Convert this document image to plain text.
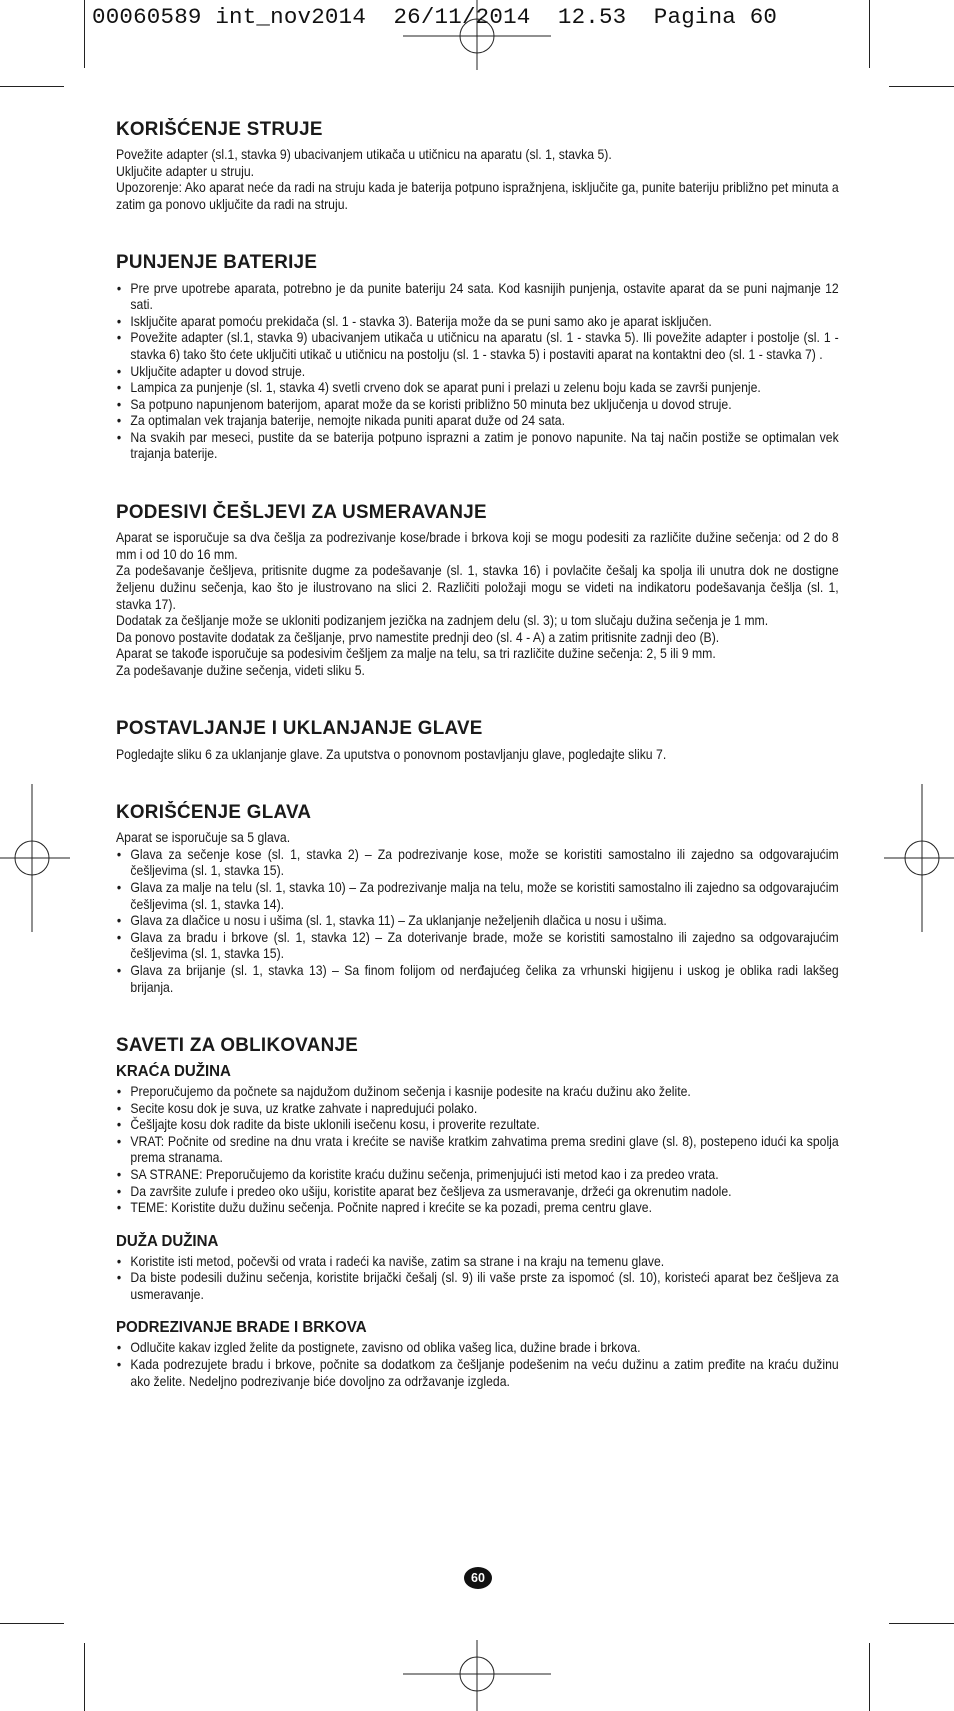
00060589 int_nov2014  26/11/2014  12.53  Pagina 60
KORIŠĆENJE STRUJE

Povežite adapter (sl.1, stavka 9) ubacivanjem utikača u utičnicu na aparatu (sl. 1, stavka 5).

Uključite adapter u struju.

Upozorenje: Ako aparat neće da radi na struju kada je baterija potpuno ispražnjena, isključite ga, punite bateriju približno pet minuta a zatim ga ponovo uključite da radi na struju.

PUNJENJE BATERIJE
• Pre prve upotrebe aparata, potrebno je da punite bateriju 24 sata. Kod kasnijih punjenja, ostavite aparat da se puni najmanje 12 sati.
• Isključite aparat pomoću prekidača (sl. 1 - stavka 3). Baterija može da se puni samo ako je aparat isključen.
• Povežite adapter (sl.1, stavka 9) ubacivanjem utikača u utičnicu na aparatu (sl. 1 - stavka 5). Ili povežite adapter i postolje (sl. 1 - stavka 6) tako što ćete uključiti utikač u utičnicu na postolju (sl. 1 - stavka 5) i postaviti aparat na kontaktni deo (sl. 1 - stavka 7) .
• Uključite adapter u dovod struje.
• Lampica za punjenje (sl. 1, stavka 4) svetli crveno dok se aparat puni i prelazi u zelenu boju kada se završi punjenje.
• Sa potpuno napunjenom baterijom, aparat može da se koristi približno 50 minuta bez uključenja u dovod struje.
• Za optimalan vek trajanja baterije, nemojte nikada puniti aparat duže od 24 sata.
• Na svakih par meseci, pustite da se baterija potpuno isprazni a zatim je ponovo napunite. Na taj način postiže se optimalan vek trajanja baterije.
PODESIVI ČEŠLJEVI ZA USMERAVANJE

Aparat se isporučuje sa dva češlja za podrezivanje kose/brade i brkova koji se mogu podesiti za različite dužine sečenja: od 2 do 8 mm i od 10 do 16 mm.

Za podešavanje češljeva, pritisnite dugme za podešavanje (sl. 1, stavka 16) i povlačite češalj ka spolja ili unutra dok ne dostigne željenu dužinu sečenja, kao što je ilustrovano na slici 2. Različiti položaji mogu se videti na indikatoru podešavanja češlja (sl. 1, stavka 17).

Dodatak za češljanje može se ukloniti podizanjem jezička na zadnjem delu (sl. 3); u tom slučaju dužina sečenja je 1 mm.

Da ponovo postavite dodatak za češljanje, prvo namestite prednji deo (sl. 4 - A) a zatim pritisnite zadnji deo (B).

Aparat se takođe isporučuje sa podesivim češljem za malje na telu, sa tri različite dužine sečenja: 2, 5 ili 9 mm.

Za podešavanje dužine sečenja, videti sliku 5.

POSTAVLJANJE I UKLANJANJE GLAVE

Pogledajte sliku 6 za uklanjanje glave. Za uputstva o ponovnom postavljanju glave, pogledajte sliku 7.

KORIŠĆENJE GLAVA

Aparat se isporučuje sa 5 glava.

• Glava za sečenje kose (sl. 1, stavka 2) – Za podrezivanje kose, može se koristiti samostalno ili zajedno sa odgovarajućim češljevima (sl. 1, stavka 15).
• Glava za malje na telu (sl. 1, stavka 10) – Za podrezivanje malja na telu, može se koristiti samostalno ili zajedno sa odgovarajućim češljevima (sl. 1, stavka 14).
• Glava za dlačice u nosu i ušima (sl. 1, stavka 11) – Za uklanjanje neželjenih dlačica u nosu i ušima.
• Glava za bradu i brkove (sl. 1, stavka 12) – Za doterivanje brade, može se koristiti samostalno ili zajedno sa odgovarajućim češljevima (sl. 1, stavka 15).
• Glava za brijanje (sl. 1, stavka 13) – Sa finom folijom od nerđajućeg čelika za vrhunski higijenu i uskog je oblika radi lakšeg brijanja.
SAVETI ZA OBLIKOVANJE
KRAĆA DUŽINA
• Preporučujemo da počnete sa najdužom dužinom sečenja i kasnije podesite na kraću dužinu ako želite.
• Secite kosu dok je suva, uz kratke zahvate i napredujući polako.
• Češljajte kosu dok radite da biste uklonili isečenu kosu, i proverite rezultate.
• VRAT: Počnite od sredine na dnu vrata i krećite se naviše kratkim zahvatima prema sredini glave (sl. 8), postepeno idući ka spolja prema stranama.
• SA STRANE: Preporučujemo da koristite kraću dužinu sečenja, primenjujući isti metod kao i za predeo vrata.
• Da završite zulufe i predeo oko ušiju, koristite aparat bez češljeva za usmeravanje, držeći ga okrenutim nadole.
• TEME: Koristite dužu dužinu sečenja. Počnite napred i krećite se ka pozadi, prema centru glave.
DUŽA DUŽINA
• Koristite isti metod, počevši od vrata i radeći ka naviše, zatim sa strane i na kraju na temenu glave.
• Da biste podesili dužinu sečenja, koristite brijački češalj (sl. 9) ili vaše prste za ispomoć (sl. 10), koristeći aparat bez češljeva za usmeravanje.
PODREZIVANJE BRADE I BRKOVA
• Odlučite kakav izgled želite da postignete, zavisno od oblika vašeg lica, dužine brade i brkova.
• Kada podrezujete bradu i brkove, počnite sa dodatkom za češljanje podešenim na veću dužinu a zatim pređite na kraću dužinu ako želite. Nedeljno podrezivanje biće dovoljno za održavanje izgleda.
60
